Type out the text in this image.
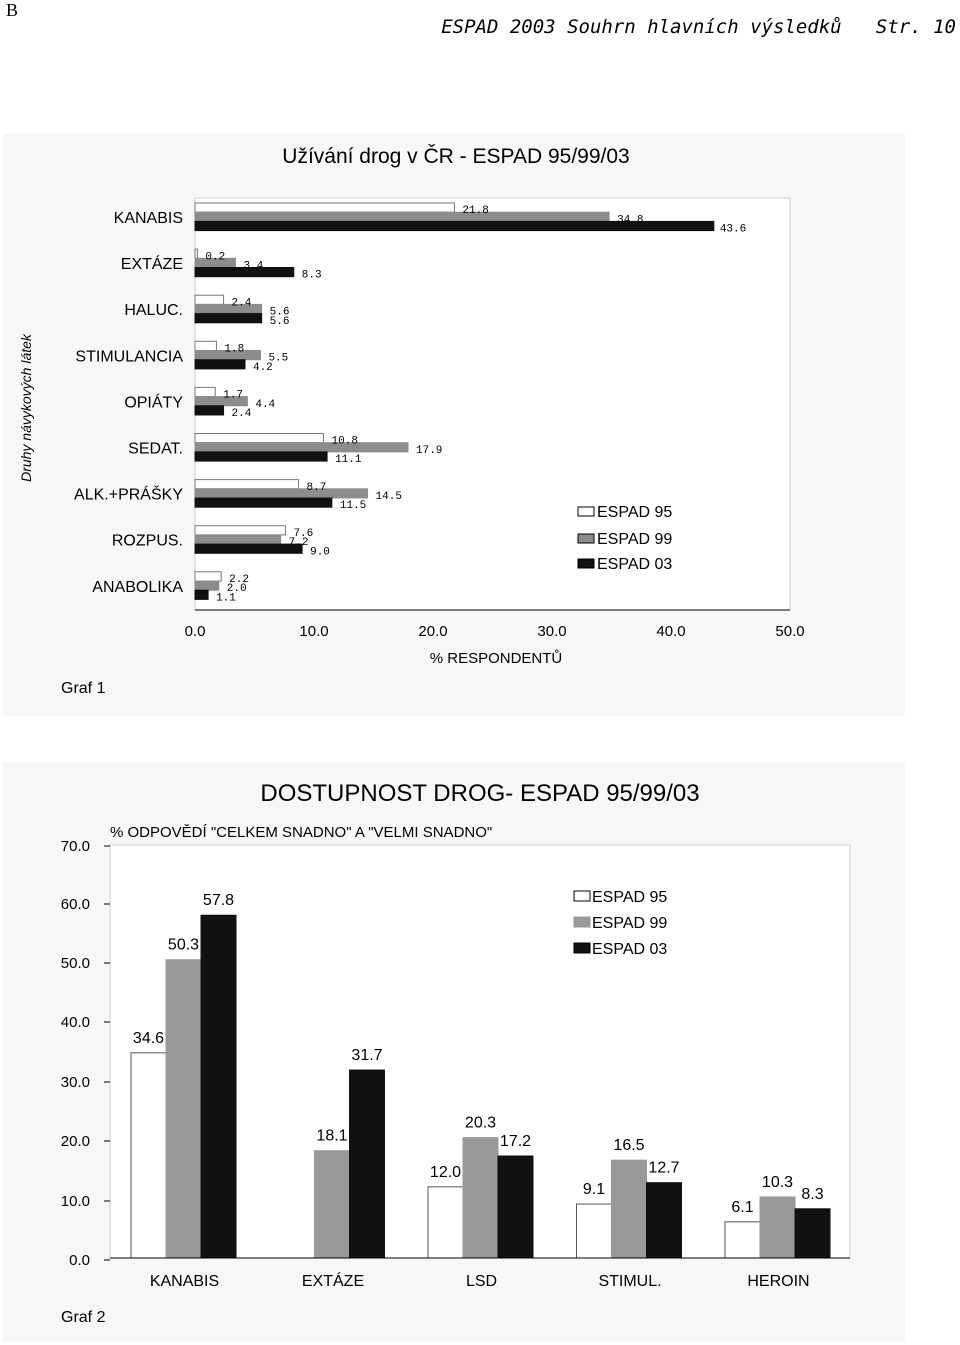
B
ESPAD 2003 Souhrn hlavních výsledků   Str. 10
Užívání drog v ČR - ESPAD 95/99/03
Druhy návykových látek
21.8
34.8
43.6
0.2
3.4
8.3
2.4
5.6
5.6
1.8
5.5
4.2
1.7
4.4
2.4
10.8
17.9
11.1
8.7
14.5
11.5
7.6
7.2
9.0
2.2
2.0
1.1
KANABIS
EXTÁZE
HALUC.
STIMULANCIA
OPIÁTY
SEDAT.
ALK.+PRÁŠKY
ROZPUS.
ANABOLIKA
0.0	10.0	20.0	30.0	40.0	50.0
% RESPONDENTŮ
ESPAD 95
ESPAD 99
ESPAD 03
Graf 1
DOSTUPNOST DROG- ESPAD 95/99/03
% ODPOVĚDÍ "CELKEM SNADNO" A "VELMI SNADNO"
0.0
10.0
20.0
30.0
40.0
50.0
60.0
70.0
34.6
50.3
57.8
18.1
31.7
12.0
20.3
17.2
9.1
16.5
12.7
6.1
10.3
8.3
KANABIS	EXTÁZE	LSD	STIMUL.	HEROIN
ESPAD 95
ESPAD 99
ESPAD 03
Graf 2
